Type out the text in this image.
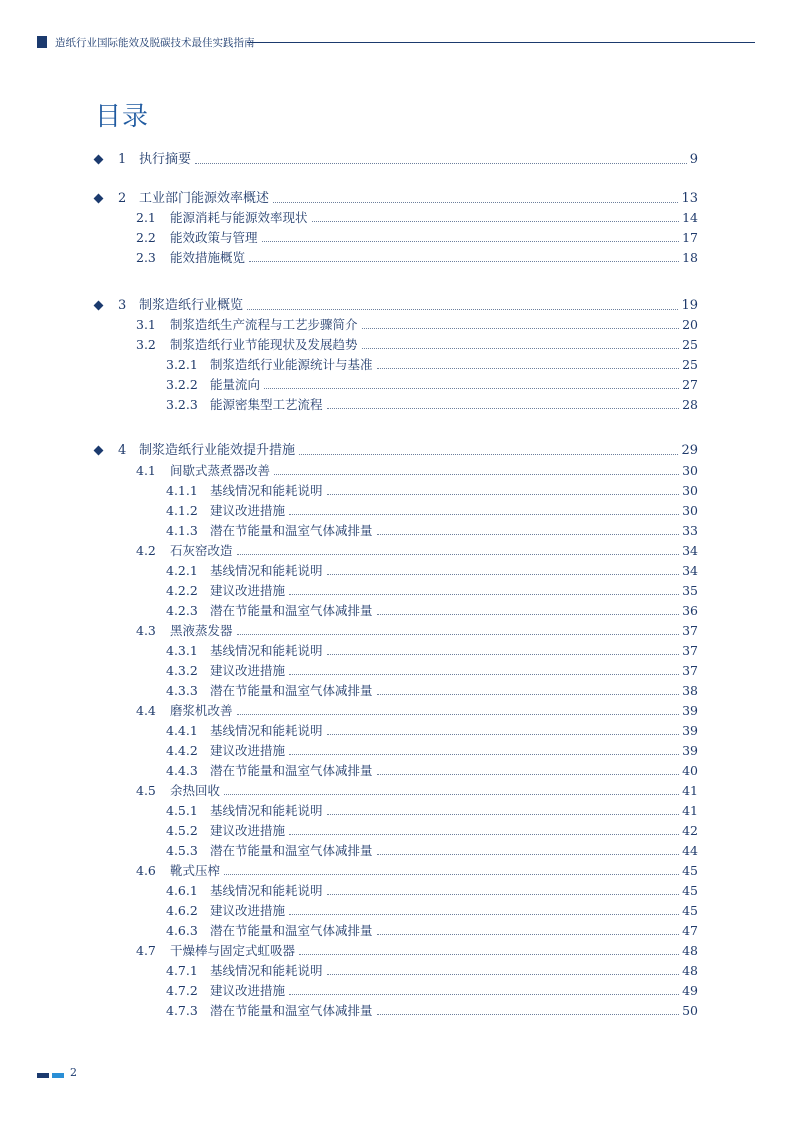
造纸行业国际能效及脱碳技术最佳实践指南
目录
1 执行摘要	9
2 工业部门能源效率概述	13
2.1 能源消耗与能源效率现状	14
2.2 能效政策与管理	17
2.3 能效措施概览	18
3 制浆造纸行业概览	19
3.1 制浆造纸生产流程与工艺步骤简介	20
3.2 制浆造纸行业节能现状及发展趋势	25
3.2.1 制浆造纸行业能源统计与基准	25
3.2.2 能量流向	27
3.2.3 能源密集型工艺流程	28
4 制浆造纸行业能效提升措施	29
4.1 间歇式蒸煮器改善	30
4.1.1 基线情况和能耗说明	30
4.1.2 建议改进措施	30
4.1.3 潜在节能量和温室气体减排量	33
4.2 石灰窑改造	34
4.2.1 基线情况和能耗说明	34
4.2.2 建议改进措施	35
4.2.3 潜在节能量和温室气体减排量	36
4.3 黑液蒸发器	37
4.3.1 基线情况和能耗说明	37
4.3.2 建议改进措施	37
4.3.3 潜在节能量和温室气体减排量	38
4.4 磨浆机改善	39
4.4.1 基线情况和能耗说明	39
4.4.2 建议改进措施	39
4.4.3 潜在节能量和温室气体减排量	40
4.5 余热回收	41
4.5.1 基线情况和能耗说明	41
4.5.2 建议改进措施	42
4.5.3 潜在节能量和温室气体减排量	44
4.6 靴式压榨	45
4.6.1 基线情况和能耗说明	45
4.6.2 建议改进措施	45
4.6.3 潜在节能量和温室气体减排量	47
4.7 干燥棒与固定式虹吸器	48
4.7.1 基线情况和能耗说明	48
4.7.2 建议改进措施	49
4.7.3 潜在节能量和温室气体减排量	50
2
